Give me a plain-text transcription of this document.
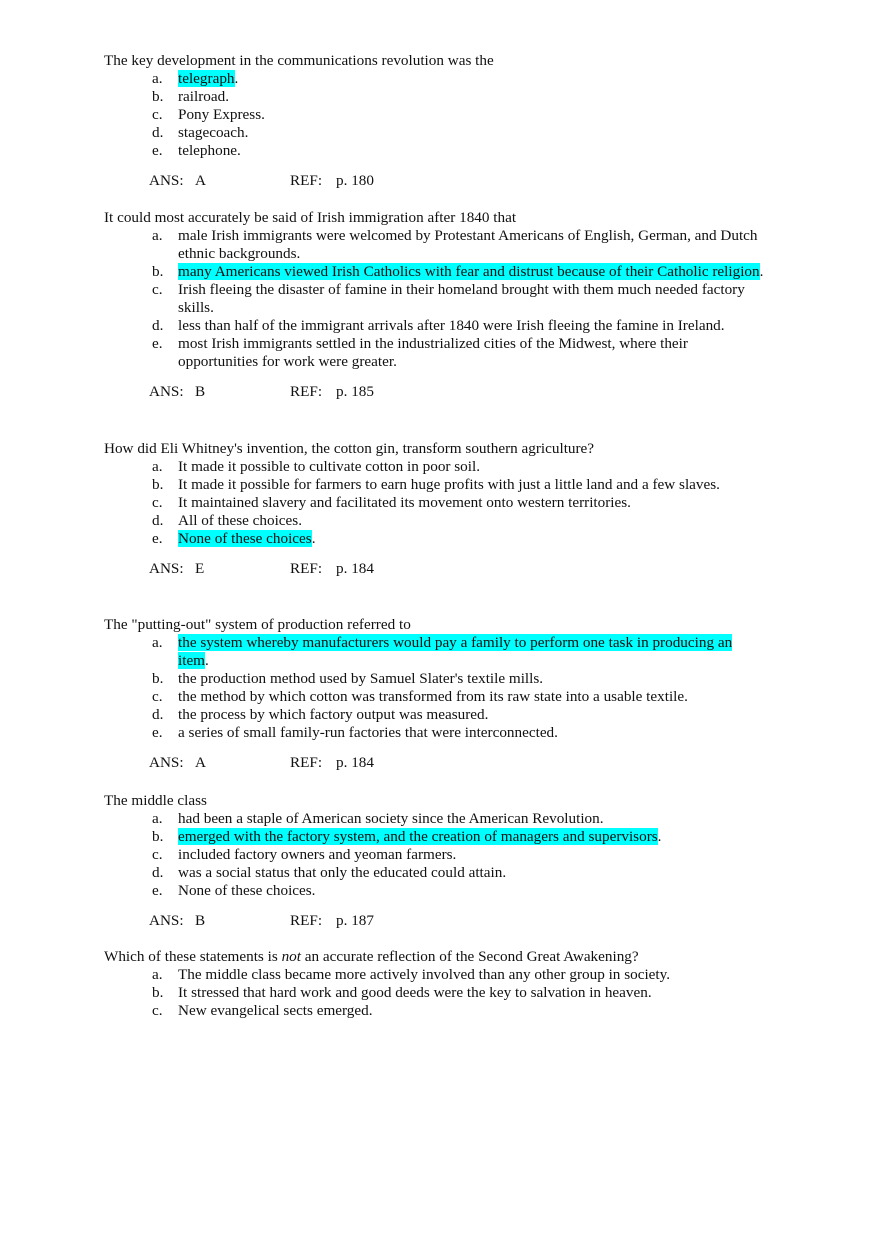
The key development in the communications revolution was the

a. telegraph.
b. railroad.
c. Pony Express.
d. stagecoach.
e. telephone.
ANS: A	REF: p. 180

It could most accurately be said of Irish immigration after 1840 that

a. male Irish immigrants were welcomed by Protestant Americans of English, German, and Dutch ethnic backgrounds.
b. many Americans viewed Irish Catholics with fear and distrust because of their Catholic religion.
c. Irish fleeing the disaster of famine in their homeland brought with them much needed factory skills.
d. less than half of the immigrant arrivals after 1840 were Irish fleeing the famine in Ireland.
e. most Irish immigrants settled in the industrialized cities of the Midwest, where their opportunities for work were greater.
ANS: B	REF: p. 185

How did Eli Whitney's invention, the cotton gin, transform southern agriculture?

a. It made it possible to cultivate cotton in poor soil.
b. It made it possible for farmers to earn huge profits with just a little land and a few slaves.
c. It maintained slavery and facilitated its movement onto western territories.
d. All of these choices.
e. None of these choices.
ANS: E	REF: p. 184

The "putting-out" system of production referred to

a. the system whereby manufacturers would pay a family to perform one task in producing an item.
b. the production method used by Samuel Slater's textile mills.
c. the method by which cotton was transformed from its raw state into a usable textile.
d. the process by which factory output was measured.
e. a series of small family-run factories that were interconnected.
ANS: A	REF: p. 184

The middle class

a. had been a staple of American society since the American Revolution.
b. emerged with the factory system, and the creation of managers and supervisors.
c. included factory owners and yeoman farmers.
d. was a social status that only the educated could attain.
e. None of these choices.
ANS: B	REF: p. 187

Which of these statements is not an accurate reflection of the Second Great Awakening?

a. The middle class became more actively involved than any other group in society.
b. It stressed that hard work and good deeds were the key to salvation in heaven.
c. New evangelical sects emerged.
